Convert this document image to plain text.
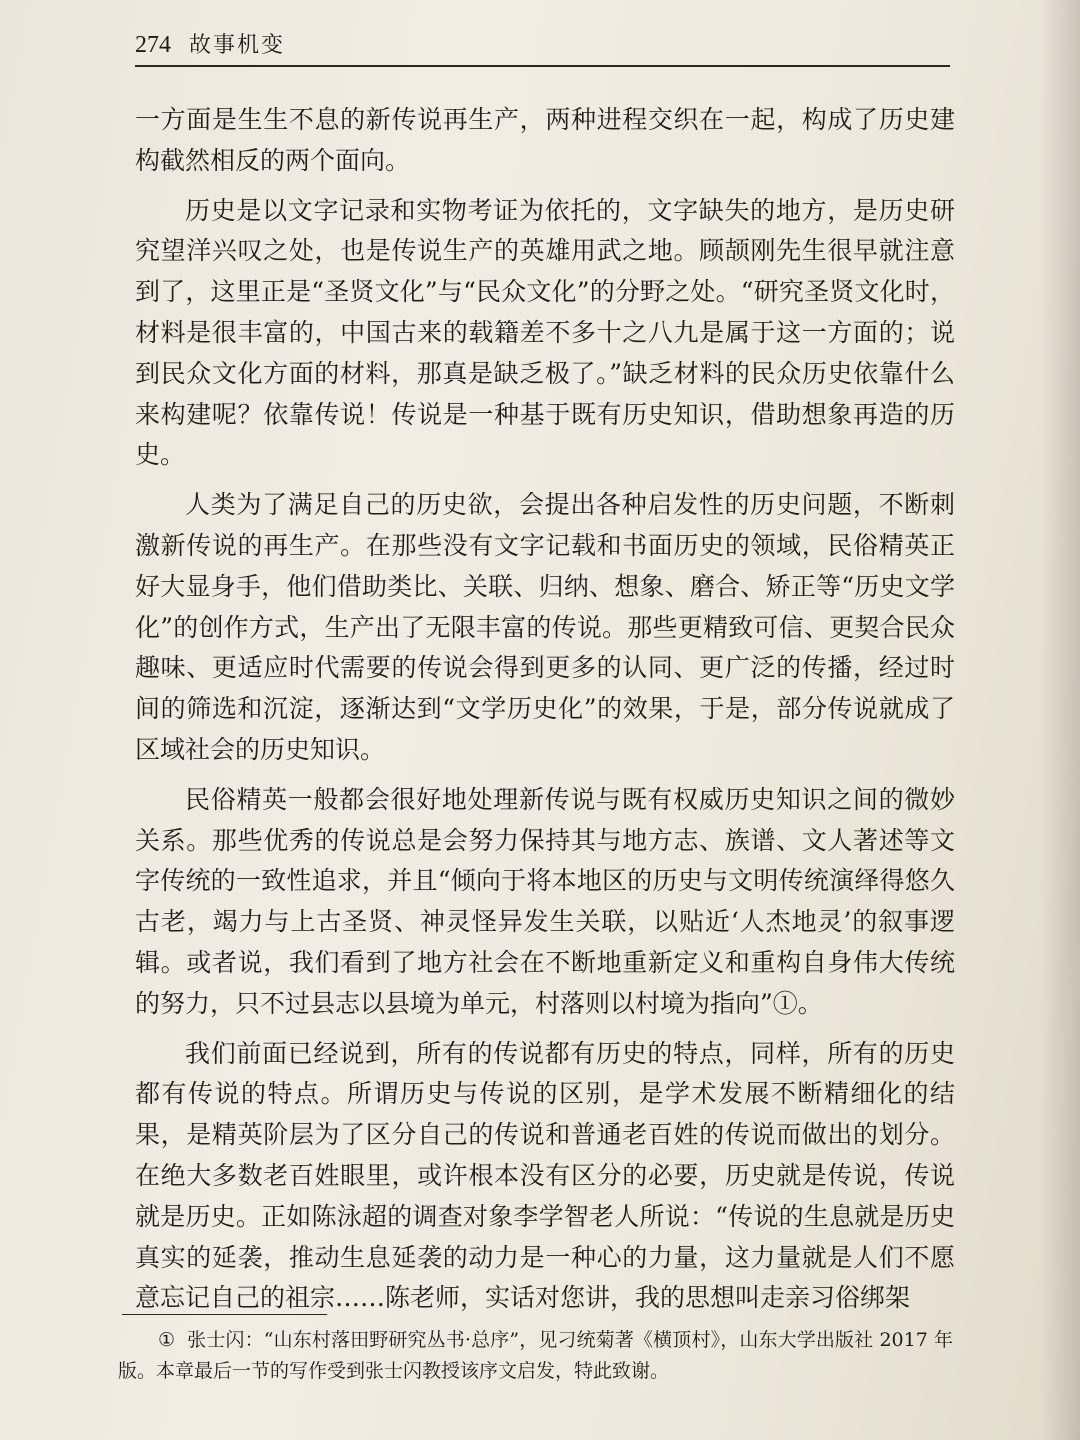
274 故事机变

一方面是生生不息的新传说再生产，两种进程交织在一起，构成了历史建构截然相反的两个面向。

历史是以文字记录和实物考证为依托的，文字缺失的地方，是历史研究望洋兴叹之处，也是传说生产的英雄用武之地。顾颉刚先生很早就注意到了，这里正是“圣贤文化”与“民众文化”的分野之处。“研究圣贤文化时，材料是很丰富的，中国古来的载籍差不多十之八九是属于这一方面的；说到民众文化方面的材料，那真是缺乏极了。”缺乏材料的民众历史依靠什么来构建呢？依靠传说！传说是一种基于既有历史知识，借助想象再造的历史。

人类为了满足自己的历史欲，会提出各种启发性的历史问题，不断刺激新传说的再生产。在那些没有文字记载和书面历史的领域，民俗精英正好大显身手，他们借助类比、关联、归纳、想象、磨合、矫正等“历史文学化”的创作方式，生产出了无限丰富的传说。那些更精致可信、更契合民众趣味、更适应时代需要的传说会得到更多的认同、更广泛的传播，经过时间的筛选和沉淀，逐渐达到“文学历史化”的效果，于是，部分传说就成了区域社会的历史知识。

民俗精英一般都会很好地处理新传说与既有权威历史知识之间的微妙关系。那些优秀的传说总是会努力保持其与地方志、族谱、文人著述等文字传统的一致性追求，并且“倾向于将本地区的历史与文明传统演绎得悠久古老，竭力与上古圣贤、神灵怪异发生关联，以贴近‘人杰地灵’的叙事逻辑。或者说，我们看到了地方社会在不断地重新定义和重构自身伟大传统的努力，只不过县志以县境为单元，村落则以村境为指向”①。

我们前面已经说到，所有的传说都有历史的特点，同样，所有的历史都有传说的特点。所谓历史与传说的区别，是学术发展不断精细化的结果，是精英阶层为了区分自己的传说和普通老百姓的传说而做出的划分。在绝大多数老百姓眼里，或许根本没有区分的必要，历史就是传说，传说就是历史。正如陈泳超的调查对象李学智老人所说：“传说的生息就是历史真实的延袭，推动生息延袭的动力是一种心的力量，这力量就是人们不愿意忘记自己的祖宗……陈老师，实话对您讲，我的思想叫走亲习俗绑架

① 张士闪：“山东村落田野研究丛书·总序”，见刁统菊著《横顶村》，山东大学出版社 2017 年版。本章最后一节的写作受到张士闪教授该序文启发，特此致谢。
